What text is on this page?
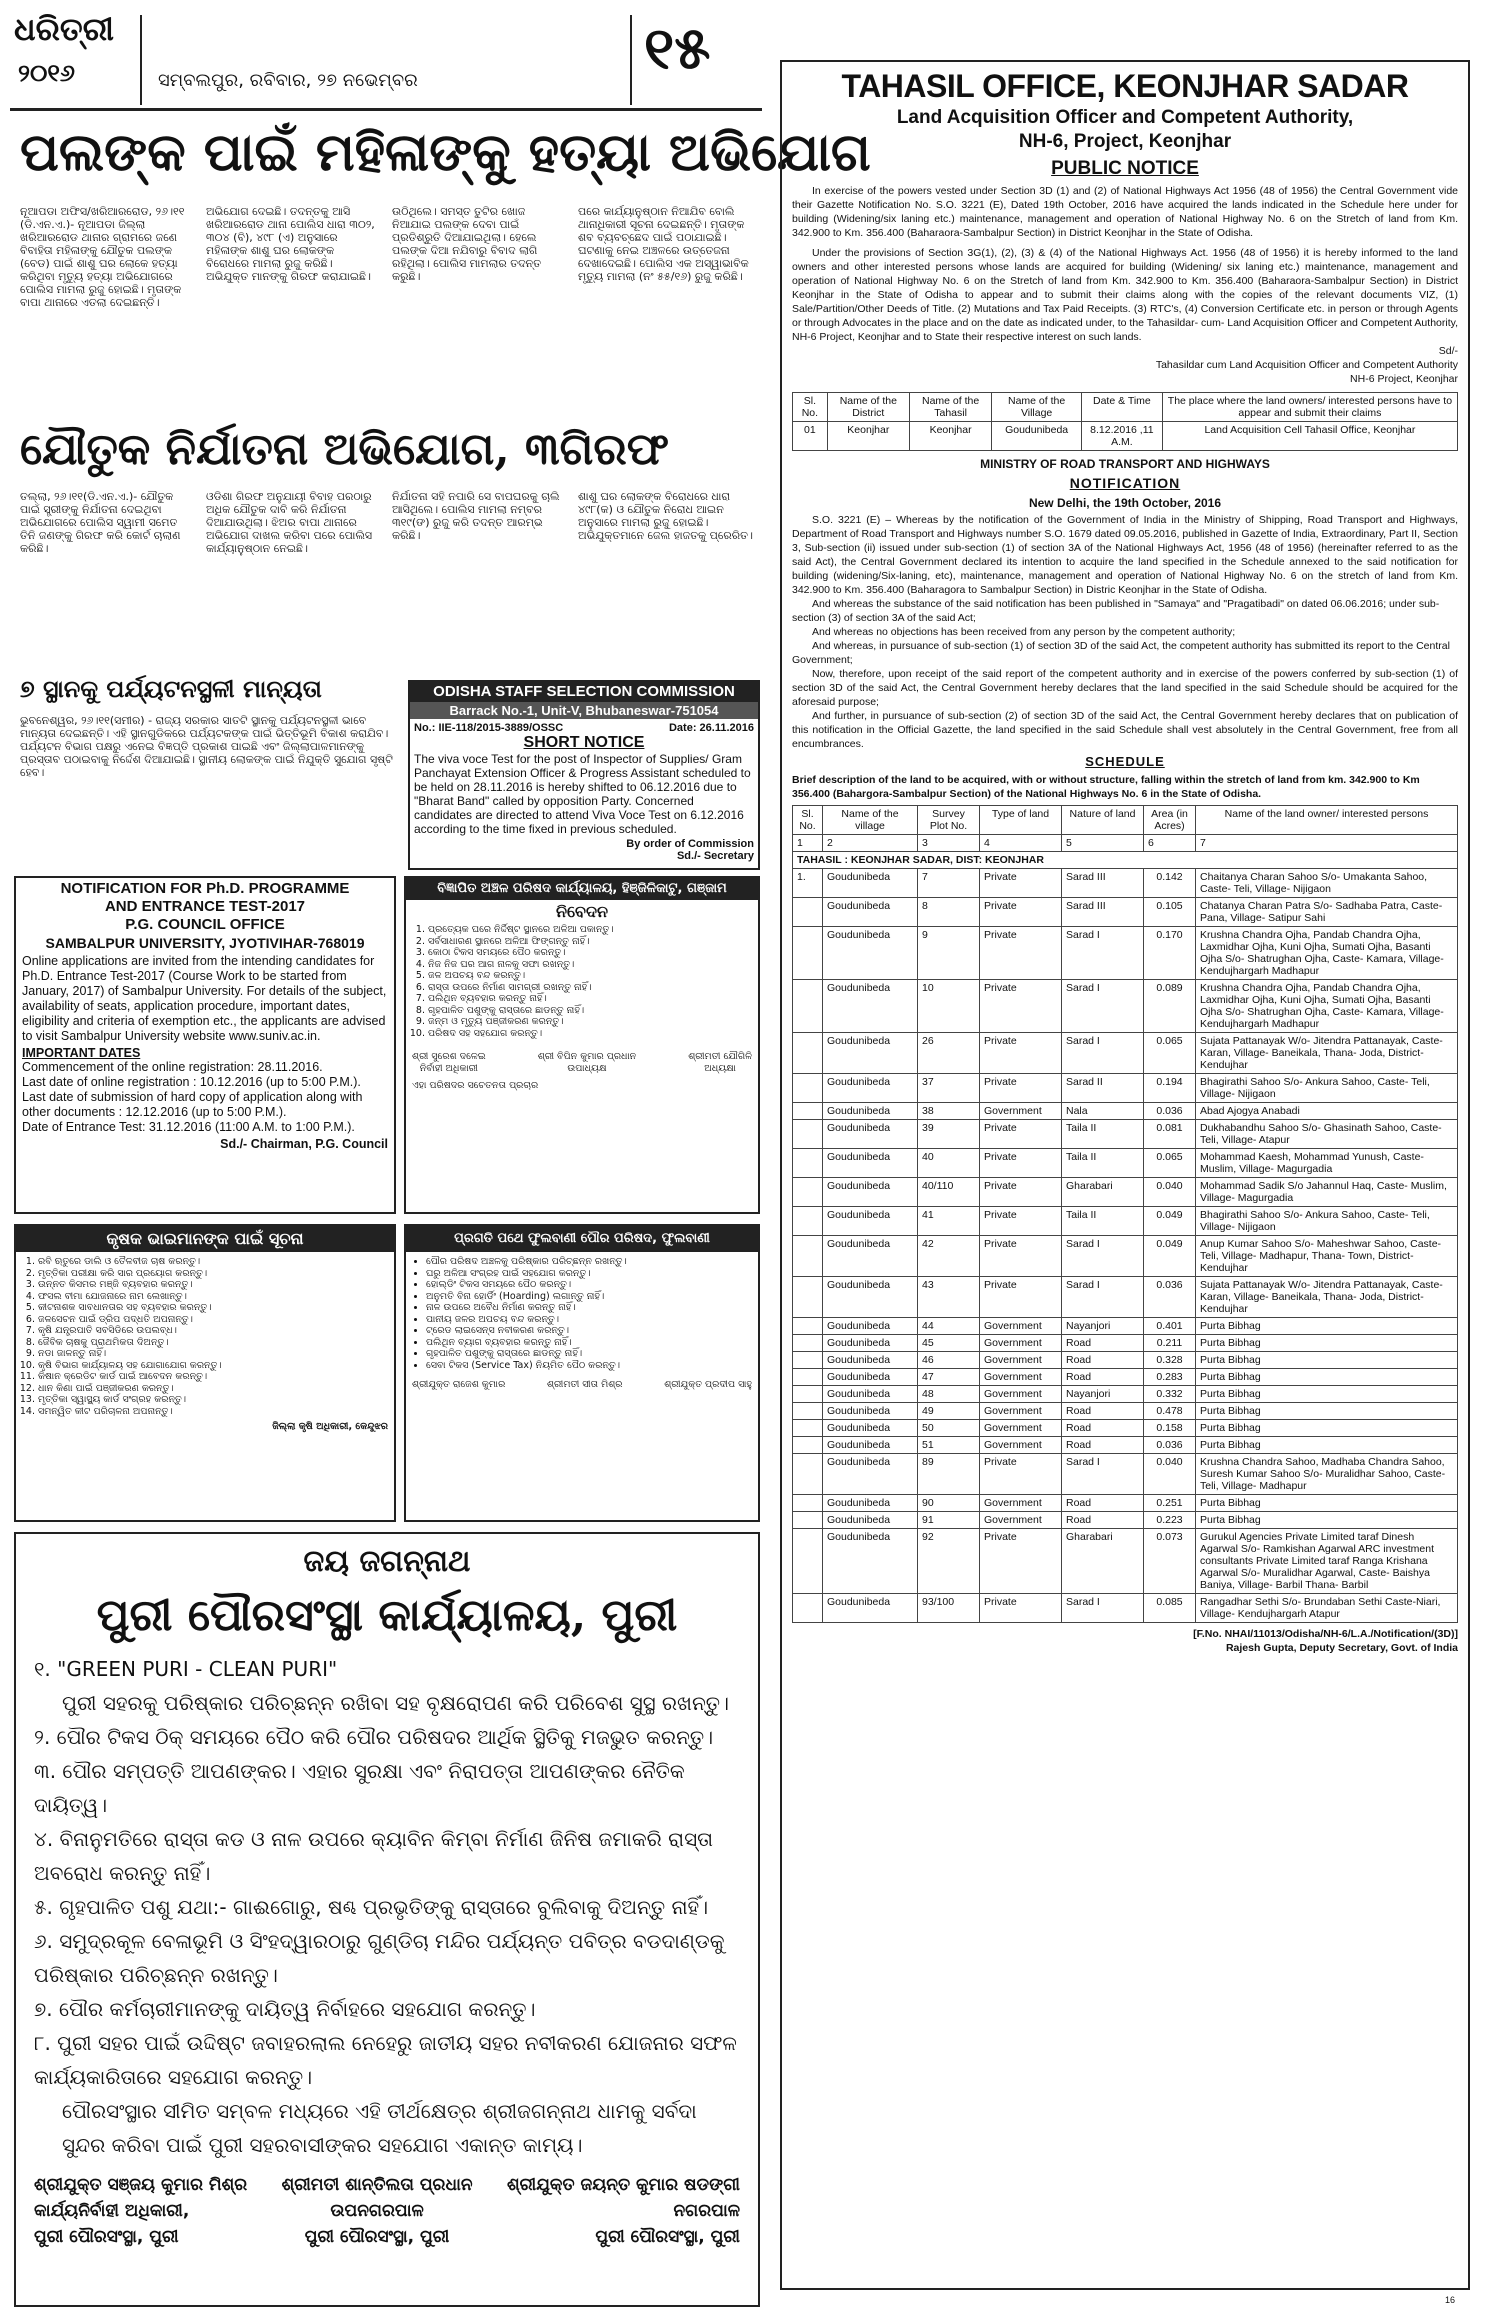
ଧରିତ୍ରୀ
୨୦୧୬	ସମ୍ବଲପୁର, ରବିବାର, ୨୭ ନଭେମ୍ବର	୧୫
ପଲଙ୍କ ପାଇଁ ମହିଳାଙ୍କୁ ହତ୍ୟା ଅଭିଯୋଗ
ନୂଆପଡା ଅଫିସ/ଖରିଆରରୋଡ, ୨୬।୧୧ (ଡି.ଏନ.ଏ.)- ନୂଆପଡା ଜିଲ୍ଲା ଖରିଆରରୋଡ ଥାନାର ଗ୍ରାମରେ ଜଣେ ବିବାହିତା ମହିଳାଙ୍କୁ ଯୌତୁକ ପଲଙ୍କ (ବେଡ) ପାଇଁ ଶାଶୁ ଘର ଲୋକେ ହତ୍ୟା କରିଥିବା ମୃତ୍ୟୁ ହତ୍ୟା ଅଭିଯୋଗରେ ପୋଲିସ ମାମଲା ରୁଜୁ ହୋଇଛି। ମୃତାଙ୍କ ବାପା ଥାନାରେ ଏତଲା ଦେଇଛନ୍ତି।
ଅଭିଯୋଗ ଦେଇଛି। ତଦନ୍ତକୁ ଆସି ଖରିଆରରୋଡ ଥାନା ପୋଲିସ ଧାରା ୩୦୨, ୩୦୪ (ବି), ୪୯୮ (ଏ) ଅନୁସାରେ ମହିଳାଙ୍କ ଶାଶୁ ଘର ଲୋକଙ୍କ ବିରୋଧରେ ମାମଲା ରୁଜୁ କରିଛି। ଅଭିଯୁକ୍ତ ମାନଙ୍କୁ ଗିରଫ କରାଯାଇଛି।
ଉଠିଥିଲେ। ସମସ୍ତ ତୁଟିର ଖୋଜ ନିଆଯାଇ ପଲଙ୍କ ଦେବା ପାଇଁ ପ୍ରତିଶ୍ରୁତି ଦିଆଯାଇଥିଲା। ହେଲେ ପଲଙ୍କ ଦିଆ ନଯିବାରୁ ବିବାଦ ଲାଗି ରହିଥିଲା। ପୋଲିସ ମାମଲାର ତଦନ୍ତ କରୁଛି।
ପରେ କାର୍ଯ୍ୟାନୁଷ୍ଠାନ ନିଆଯିବ ବୋଲି ଥାନାଧିକାରୀ ସୂଚନା ଦେଇଛନ୍ତି। ମୃତାଙ୍କ ଶବ ବ୍ୟବଚ୍ଛେଦ ପାଇଁ ପଠାଯାଇଛି। ଘଟଣାକୁ ନେଇ ଅଞ୍ଚଳରେ ଉତ୍ତେଜନା ଦେଖାଦେଇଛି। ପୋଲିସ ଏକ ଅସ୍ୱାଭାବିକ ମୃତ୍ୟୁ ମାମଲା (ନଂ ୫୫/୧୬) ରୁଜୁ କରିଛି।
ଯୌତୁକ ନିର୍ଯାତନା ଅଭିଯୋଗ, ୩ଗିରଫ
ତଲ୍ଲା, ୨୬।୧୧(ଡି.ଏନ.ଏ.)- ଯୌତୁକ ପାଇଁ ସ୍ତ୍ରୀଙ୍କୁ ନିର୍ଯାତନା ଦେଇଥିବା ଅଭିଯୋଗରେ ପୋଲିସ ସ୍ୱାମୀ ସମେତ ତିନି ଜଣଙ୍କୁ ଗିରଫ କରି କୋର୍ଟ ଚାଲାଣ କରିଛି।
ଓଡିଶା ଗିରଫ ଅନୁଯାୟୀ ବିବାହ ପରଠାରୁ ଅଧିକ ଯୌତୁକ ଦାବି କରି ନିର୍ଯାତନା ଦିଆଯାଉଥିଲା। ଝିଅର ବାପା ଥାନାରେ ଅଭିଯୋଗ ଦାଖଲ କରିବା ପରେ ପୋଲିସ କାର୍ଯ୍ୟାନୁଷ୍ଠାନ ନେଇଛି।
ନିର୍ଯାତନା ସହି ନପାରି ସେ ବାପଘରକୁ ଚାଲି ଆସିଥିଲେ। ପୋଲିସ ମାମଲା ନମ୍ବର ୩୧୯(ଙ) ରୁଜୁ କରି ତଦନ୍ତ ଆରମ୍ଭ କରିଛି।
ଶାଶୁ ଘର ଲୋକଙ୍କ ବିରୋଧରେ ଧାରା ୪୯୮(କ) ଓ ଯୌତୁକ ନିରୋଧ ଆଇନ ଅନୁସାରେ ମାମଲା ରୁଜୁ ହୋଇଛି। ଅଭିଯୁକ୍ତମାନେ ଜେଲ ହାଜତକୁ ପ୍ରେରିତ।
୭ ସ୍ଥାନକୁ ପର୍ଯ୍ୟଟନସ୍ଥଳୀ ମାନ୍ୟତା
ଭୁବନେଶ୍ୱର, ୨୬।୧୧(ସମୀର) - ରାଜ୍ୟ ସରକାର ସାତଟି ସ୍ଥାନକୁ ପର୍ଯ୍ୟଟନସ୍ଥଳୀ ଭାବେ ମାନ୍ୟତା ଦେଇଛନ୍ତି। ଏହି ସ୍ଥାନଗୁଡିକରେ ପର୍ଯ୍ୟଟକଙ୍କ ପାଇଁ ଭିତ୍ତିଭୂମି ବିକାଶ କରାଯିବ। ପର୍ଯ୍ୟଟନ ବିଭାଗ ପକ୍ଷରୁ ଏନେଇ ବିଜ୍ଞପ୍ତି ପ୍ରକାଶ ପାଇଛି ଏବଂ ଜିଲ୍ଲାପାଳମାନଙ୍କୁ ପ୍ରସ୍ତାବ ପଠାଇବାକୁ ନିର୍ଦ୍ଦେଶ ଦିଆଯାଇଛି। ସ୍ଥାନୀୟ ଲୋକଙ୍କ ପାଇଁ ନିଯୁକ୍ତି ସୁଯୋଗ ସୃଷ୍ଟି ହେବ।
ODISHA STAFF SELECTION COMMISSION
Barrack No.-1, Unit-V, Bhubaneswar-751054
No.: IIE-118/2015-3889/OSSC	Date: 26.11.2016
SHORT NOTICE
The viva voce Test for the post of Inspector of Supplies/ Gram Panchayat Extension Officer & Progress Assistant scheduled to be held on 28.11.2016 is hereby shifted to 06.12.2016 due to "Bharat Band" called by opposition Party. Concerned candidates are directed to attend Viva Voce Test on 6.12.2016 according to the time fixed in previous scheduled.
By order of Commission
Sd./- Secretary
NOTIFICATION FOR Ph.D. PROGRAMME
AND ENTRANCE TEST-2017
P.G. COUNCIL OFFICE
SAMBALPUR UNIVERSITY, JYOTIVIHAR-768019
Online applications are invited from the intending candidates for Ph.D. Entrance Test-2017 (Course Work to be started from January, 2017) of Sambalpur University. For details of the subject, availability of seats, application procedure, important dates, eligibility and criteria of exemption etc., the applicants are advised to visit Sambalpur University website www.suniv.ac.in.
IMPORTANT DATES
Commencement of the online registration: 28.11.2016.
Last date of online registration : 10.12.2016 (up to 5:00 P.M.).
Last date of submission of hard copy of application along with other documents : 12.12.2016 (up to 5:00 P.M.).
Date of Entrance Test: 31.12.2016 (11:00 A.M. to 1:00 P.M.).
Sd./- Chairman, P.G. Council
ବିଜ୍ଞାପିତ ଅଞ୍ଚଳ ପରିଷଦ କାର୍ଯ୍ୟାଳୟ, ହିଞ୍ଜିଳିକାଟୁ, ଗଞ୍ଜାମ
ନିବେଦନ
1. ପ୍ରତ୍ୟେକ ଘରେ ନିର୍ଦ୍ଦିଷ୍ଟ ସ୍ଥାନରେ ଅଳିଆ ପକାନ୍ତୁ।
2. ସର୍ବସାଧାରଣ ସ୍ଥାନରେ ଅଳିଆ ଫିଙ୍ଗନ୍ତୁ ନାହିଁ।
3. କୋଠା ଟିକସ ସମୟରେ ପୈଠ କରନ୍ତୁ।
4. ନିଜ ନିଜ ଘର ଆଗ ନାଳକୁ ସଫା ରଖନ୍ତୁ।
5. ଜଳ ଅପଚୟ ବନ୍ଦ କରନ୍ତୁ।
6. ରାସ୍ତା ଉପରେ ନିର୍ମାଣ ସାମଗ୍ରୀ ରଖନ୍ତୁ ନାହିଁ।
7. ପଲିଥିନ ବ୍ୟବହାର କରନ୍ତୁ ନାହିଁ।
8. ଗୃହପାଳିତ ପଶୁଙ୍କୁ ରାସ୍ତାରେ ଛାଡନ୍ତୁ ନାହିଁ।
9. ଜନ୍ମ ଓ ମୃତ୍ୟୁ ପଞ୍ଜୀକରଣ କରନ୍ତୁ।
10. ପରିଷଦ ସହ ସହଯୋଗ କରନ୍ତୁ।
ଶ୍ରୀ ସୁରେଶ ଦଳେଇ
ନିର୍ବାହୀ ଅଧିକାରୀ
ଶ୍ରୀ ବିପିନ କୁମାର ପ୍ରଧାନ
ଉପାଧ୍ୟକ୍ଷ
ଶ୍ରୀମତୀ ଯୌଗିଳି
ଅଧ୍ୟକ୍ଷା
ଏହା ପରିଷଦର ସଚେତନତା ପ୍ରଚାର
କୃଷକ ଭାଇମାନଙ୍କ ପାଇଁ ସୂଚନା
1. ରବି ଋତୁରେ ଡାଲି ଓ ତୈଳବୀଜ ଚାଷ କରନ୍ତୁ।
2. ମୃତ୍ତିକା ପରୀକ୍ଷା କରି ସାର ପ୍ରୟୋଗ କରନ୍ତୁ।
3. ଉନ୍ନତ କିସମର ମଞ୍ଜି ବ୍ୟବହାର କରନ୍ତୁ।
4. ଫସଲ ବୀମା ଯୋଜନାରେ ନାମ ଲେଖାନ୍ତୁ।
5. କୀଟନାଶକ ସାବଧାନତାର ସହ ବ୍ୟବହାର କରନ୍ତୁ।
6. ଜଳସେଚନ ପାଇଁ ଡ୍ରିପ ପଦ୍ଧତି ଅପନାନ୍ତୁ।
7. କୃଷି ଯନ୍ତ୍ରପାତି ସବସିଡିରେ ଉପଲବ୍ଧ।
8. ଜୈବିକ ଚାଷକୁ ପ୍ରାଥମିକତା ଦିଅନ୍ତୁ।
9. ନଡା ଜାଳନ୍ତୁ ନାହିଁ।
10. କୃଷି ବିଭାଗ କାର୍ଯ୍ୟାଳୟ ସହ ଯୋଗାଯୋଗ କରନ୍ତୁ।
11. କିଷାନ କ୍ରେଡିଟ କାର୍ଡ ପାଇଁ ଆବେଦନ କରନ୍ତୁ।
12. ଧାନ କିଣା ପାଇଁ ପଞ୍ଜୀକରଣ କରନ୍ତୁ।
13. ମୃତ୍ତିକା ସ୍ୱାସ୍ଥ୍ୟ କାର୍ଡ ସଂଗ୍ରହ କରନ୍ତୁ।
14. ସମନ୍ୱିତ କୀଟ ପରିଚାଳନା ଅପନାନ୍ତୁ।
ଜିଲ୍ଲା କୃଷି ଅଧିକାରୀ, କେନ୍ଦୁଝର
ପ୍ରଗତି ପଥେ ଫୁଲବାଣୀ ପୌର ପରିଷଦ, ଫୁଲବାଣୀ
• ପୌର ପରିଷଦ ଅଞ୍ଚଳକୁ ପରିଷ୍କାର ପରିଚ୍ଛନ୍ନ ରଖନ୍ତୁ।
• ଘରୁ ଅଳିଆ ସଂଗ୍ରହ ପାଇଁ ସହଯୋଗ କରନ୍ତୁ।
• ହୋଲ୍ଡିଂ ଟିକସ ସମୟରେ ପୈଠ କରନ୍ତୁ।
• ଅନୁମତି ବିନା ହୋର୍ଡିଂ (Hoarding) ଲଗାନ୍ତୁ ନାହିଁ।
• ନାଳ ଉପରେ ଅବୈଧ ନିର୍ମାଣ କରନ୍ତୁ ନାହିଁ।
• ପାନୀୟ ଜଳର ଅପଚୟ ବନ୍ଦ କରନ୍ତୁ।
• ଟ୍ରେଡ ଲାଇସେନ୍ସ ନବୀକରଣ କରନ୍ତୁ।
• ପଲିଥିନ ବ୍ୟାଗ ବ୍ୟବହାର କରନ୍ତୁ ନାହିଁ।
• ଗୃହପାଳିତ ପଶୁଙ୍କୁ ରାସ୍ତାରେ ଛାଡନ୍ତୁ ନାହିଁ।
• ସେବା ଟିକସ (Service Tax) ନିୟମିତ ପୈଠ କରନ୍ତୁ।
ଶ୍ରୀଯୁକ୍ତ ରାଜେଶ କୁମାର	ଶ୍ରୀମତୀ ସୀତା ମିଶ୍ର	ଶ୍ରୀଯୁକ୍ତ ପ୍ରଦୀପ ସାହୁ
ଜୟ ଜଗନ୍ନାଥ
ପୁରୀ ପୌରସଂସ୍ଥା କାର୍ଯ୍ୟାଳୟ, ପୁରୀ
୧. "GREEN PURI - CLEAN PURI"
ପୁରୀ ସହରକୁ ପରିଷ୍କାର ପରିଚ୍ଛନ୍ନ ରଖିବା ସହ ବୃକ୍ଷରୋପଣ କରି ପରିବେଶ ସୁସ୍ଥ ରଖନ୍ତୁ।
୨. ପୌର ଟିକସ ଠିକ୍ ସମୟରେ ପୈଠ କରି ପୌର ପରିଷଦର ଆର୍ଥିକ ସ୍ଥିତିକୁ ମଜଭୁତ କରନ୍ତୁ।
୩. ପୌର ସମ୍ପତ୍ତି ଆପଣଙ୍କର। ଏହାର ସୁରକ୍ଷା ଏବଂ ନିରାପତ୍ତା ଆପଣଙ୍କର ନୈତିକ ଦାୟିତ୍ୱ।
୪. ବିନାନୁମତିରେ ରାସ୍ତା କଡ ଓ ନାଳ ଉପରେ କ୍ୟାବିନ କିମ୍ବା ନିର୍ମାଣ ଜିନିଷ ଜମାକରି ରାସ୍ତା ଅବରୋଧ କରନ୍ତୁ ନାହିଁ।
୫. ଗୃହପାଳିତ ପଶୁ ଯଥା:- ଗାଈଗୋରୁ, ଷଣ୍ଢ ପ୍ରଭୃତିଙ୍କୁ ରାସ୍ତାରେ ବୁଲିବାକୁ ଦିଅନ୍ତୁ ନାହିଁ।
୬. ସମୁଦ୍ରକୂଳ ବେଳାଭୂମି ଓ ସିଂହଦ୍ୱାରଠାରୁ ଗୁଣ୍ଡିଚା ମନ୍ଦିର ପର୍ଯ୍ୟନ୍ତ ପବିତ୍ର ବଡଦାଣ୍ଡକୁ ପରିଷ୍କାର ପରିଚ୍ଛନ୍ନ ରଖନ୍ତୁ।
୭. ପୌର କର୍ମଚାରୀମାନଙ୍କୁ ଦାୟିତ୍ୱ ନିର୍ବାହରେ ସହଯୋଗ କରନ୍ତୁ।
୮. ପୁରୀ ସହର ପାଇଁ ଉଦ୍ଦିଷ୍ଟ ଜବାହରଲାଲ ନେହେରୁ ଜାତୀୟ ସହର ନବୀକରଣ ଯୋଜନାର ସଫଳ କାର୍ଯ୍ୟକାରିତାରେ ସହଯୋଗ କରନ୍ତୁ।
ପୌରସଂସ୍ଥାର ସୀମିତ ସମ୍ବଳ ମଧ୍ୟରେ ଏହି ତୀର୍ଥକ୍ଷେତ୍ର ଶ୍ରୀଜଗନ୍ନାଥ ଧାମକୁ ସର୍ବଦା ସୁନ୍ଦର କରିବା ପାଇଁ ପୁରୀ ସହରବାସୀଙ୍କର ସହଯୋଗ ଏକାନ୍ତ କାମ୍ୟ।
ଶ୍ରୀଯୁକ୍ତ ସଞ୍ଜୟ କୁମାର ମିଶ୍ର
କାର୍ଯ୍ୟନିର୍ବାହୀ ଅଧିକାରୀ,
ପୁରୀ ପୌରସଂସ୍ଥା, ପୁରୀ
ଶ୍ରୀମତୀ ଶାନ୍ତିଲତା ପ୍ରଧାନ
ଉପନଗରପାଳ
ପୁରୀ ପୌରସଂସ୍ଥା, ପୁରୀ
ଶ୍ରୀଯୁକ୍ତ ଜୟନ୍ତ କୁମାର ଷଡଙ୍ଗୀ
ନଗରପାଳ
ପୁରୀ ପୌରସଂସ୍ଥା, ପୁରୀ
TAHASIL OFFICE, KEONJHAR SADAR
Land Acquisition Officer and Competent Authority,
NH-6, Project, Keonjhar
PUBLIC NOTICE
In exercise of the powers vested under Section 3D (1) and (2) of National Highways Act 1956 (48 of 1956) the Central Government vide their Gazette Notification No. S.O. 3221 (E), Dated 19th October, 2016 have acquired the lands indicated in the Schedule here under for building (Widening/six laning etc.) maintenance, management and operation of National Highway No. 6 on the Stretch of land from Km. 342.900 to Km. 356.400 (Baharaora-Sambalpur Section) in District Keonjhar in the State of Odisha.
Under the provisions of Section 3G(1), (2), (3) & (4) of the National Highways Act. 1956 (48 of 1956) it is hereby informed to the land owners and other interested persons whose lands are acquired for building (Widening/ six laning etc.) maintenance, management and operation of National Highway No. 6 on the Stretch of land from Km. 342.900 to Km. 356.400 (Baharaora-Sambalpur Section) in District Keonjhar in the State of Odisha to appear and to submit their claims along with the copies of the relevant documents VIZ, (1) Sale/Partition/Other Deeds of Title. (2) Mutations and Tax Paid Receipts. (3) RTC's, (4) Conversion Certificate etc. in person or through Agents or through Advocates in the place and on the date as indicated under, to the Tahasildar- cum- Land Acquisition Officer and Competent Authority, NH-6 Project, Keonjhar and to State their respective interest on such lands.
Sd/-
Tahasildar cum Land Acquisition Officer and Competent Authority
NH-6 Project, Keonjhar
Sl. No.	Name of the District	Name of the Tahasil	Name of the Village	Date & Time	The place where the land owners/ interested persons have to appear and submit their claims
01	Keonjhar	Keonjhar	Goudunibeda	8.12.2016 ,11 A.M.	Land Acquisition Cell Tahasil Office, Keonjhar
MINISTRY OF ROAD TRANSPORT AND HIGHWAYS
NOTIFICATION
New Delhi, the 19th October, 2016
S.O. 3221 (E) – Whereas by the notification of the Government of India in the Ministry of Shipping, Road Transport and Highways, Department of Road Transport and Highways number S.O. 1679 dated 09.05.2016, published in Gazette of India, Extraordinary, Part II, Section 3, Sub-section (ii) issued under sub-section (1) of section 3A of the National Highways Act, 1956 (48 of 1956) (hereinafter referred to as the said Act), the Central Government declared its intention to acquire the land specified in the Schedule annexed to the said notification for building (widening/Six-laning, etc), maintenance, management and operation of National Highway No. 6 on the stretch of land from Km. 342.900 to Km. 356.400 (Baharagora to Sambalpur Section) in Distric Keonjhar in the State of Odisha.
And whereas the substance of the said notification has been published in "Samaya" and "Pragatibadi" on dated 06.06.2016; under sub-section (3) of section 3A of the said Act;
And whereas no objections has been received from any person by the competent authority;
And whereas, in pursuance of sub-section (1) of section 3D of the said Act, the competent authority has submitted its report to the Central Government;
Now, therefore, upon receipt of the said report of the competent authority and in exercise of the powers conferred by sub-section (1) of section 3D of the said Act, the Central Government hereby declares that the land specified in the said Schedule should be acquired for the aforesaid purpose;
And further, in pursuance of sub-section (2) of section 3D of the said Act, the Central Government hereby declares that on publication of this notification in the Official Gazette, the land specified in the said Schedule shall vest absolutely in the Central Government, free from all encumbrances.
SCHEDULE
Brief description of the land to be acquired, with or without structure, falling within the stretch of land from km. 342.900 to Km 356.400 (Bahargora-Sambalpur Section) of the National Highways No. 6 in the State of Odisha.
Sl. No.	Name of the village	Survey Plot No.	Type of land	Nature of land	Area (in Acres)	Name of the land owner/ interested persons
1	2	3	4	5	6	7
TAHASIL : KEONJHAR SADAR, DIST: KEONJHAR						
1.	Goudunibeda	7	Private	Sarad III	0.142	Chaitanya Charan Sahoo S/o- Umakanta Sahoo, Caste- Teli, Village- Nijigaon
	Goudunibeda	8	Private	Sarad III	0.105	Chatanya Charan Patra S/o- Sadhaba Patra, Caste- Pana, Village- Satipur Sahi
	Goudunibeda	9	Private	Sarad I	0.170	Krushna Chandra Ojha, Pandab Chandra Ojha, Laxmidhar Ojha, Kuni Ojha, Sumati Ojha, Basanti Ojha S/o- Shatrughan Ojha, Caste- Kamara, Village- Kendujhargarh Madhapur
	Goudunibeda	10	Private	Sarad I	0.089	Krushna Chandra Ojha, Pandab Chandra Ojha, Laxmidhar Ojha, Kuni Ojha, Sumati Ojha, Basanti Ojha S/o- Shatrughan Ojha, Caste- Kamara, Village- Kendujhargarh Madhapur
	Goudunibeda	26	Private	Sarad I	0.065	Sujata Pattanayak W/o- Jitendra Pattanayak, Caste- Karan, Village- Baneikala, Thana- Joda, District- Kendujhar
	Goudunibeda	37	Private	Sarad II	0.194	Bhagirathi Sahoo S/o- Ankura Sahoo, Caste- Teli, Village- Nijigaon
	Goudunibeda	38	Government	Nala	0.036	Abad Ajogya Anabadi
	Goudunibeda	39	Private	Taila II	0.081	Dukhabandhu Sahoo S/o- Ghasinath Sahoo, Caste- Teli, Village- Atapur
	Goudunibeda	40	Private	Taila II	0.065	Mohammad Kaesh, Mohammad Yunush, Caste- Muslim, Village- Magurgadia
	Goudunibeda	40/110	Private	Gharabari	0.040	Mohammad Sadik S/o Jahannul Haq, Caste- Muslim, Village- Magurgadia
	Goudunibeda	41	Private	Taila II	0.049	Bhagirathi Sahoo S/o- Ankura Sahoo, Caste- Teli, Village- Nijigaon
	Goudunibeda	42	Private	Sarad I	0.049	Anup Kumar Sahoo S/o- Maheshwar Sahoo, Caste- Teli, Village- Madhapur, Thana- Town, District- Kendujhar
	Goudunibeda	43	Private	Sarad I	0.036	Sujata Pattanayak W/o- Jitendra Pattanayak, Caste- Karan, Village- Baneikala, Thana- Joda, District- Kendujhar
	Goudunibeda	44	Government	Nayanjori	0.401	Purta Bibhag
	Goudunibeda	45	Government	Road	0.211	Purta Bibhag
	Goudunibeda	46	Government	Road	0.328	Purta Bibhag
	Goudunibeda	47	Government	Road	0.283	Purta Bibhag
	Goudunibeda	48	Government	Nayanjori	0.332	Purta Bibhag
	Goudunibeda	49	Government	Road	0.478	Purta Bibhag
	Goudunibeda	50	Government	Road	0.158	Purta Bibhag
	Goudunibeda	51	Government	Road	0.036	Purta Bibhag
	Goudunibeda	89	Private	Sarad I	0.040	Krushna Chandra Sahoo, Madhaba Chandra Sahoo, Suresh Kumar Sahoo S/o- Muralidhar Sahoo, Caste- Teli, Village- Madhapur
	Goudunibeda	90	Government	Road	0.251	Purta Bibhag
	Goudunibeda	91	Government	Road	0.223	Purta Bibhag
	Goudunibeda	92	Private	Gharabari	0.073	Gurukul Agencies Private Limited taraf Dinesh Agarwal S/o- Ramkishan Agarwal ARC investment consultants Private Limited taraf Ranga Krishana Agarwal S/o- Muralidhar Agarwal, Caste- Baishya Baniya, Village- Barbil Thana- Barbil
	Goudunibeda	93/100	Private	Sarad I	0.085	Rangadhar Sethi S/o- Brundaban Sethi Caste-Niari, Village- Kendujhargarh Atapur
[F.No. NHAI/11013/Odisha/NH-6/L.A./Notification/(3D)]
Rajesh Gupta, Deputy Secretary, Govt. of India
16
